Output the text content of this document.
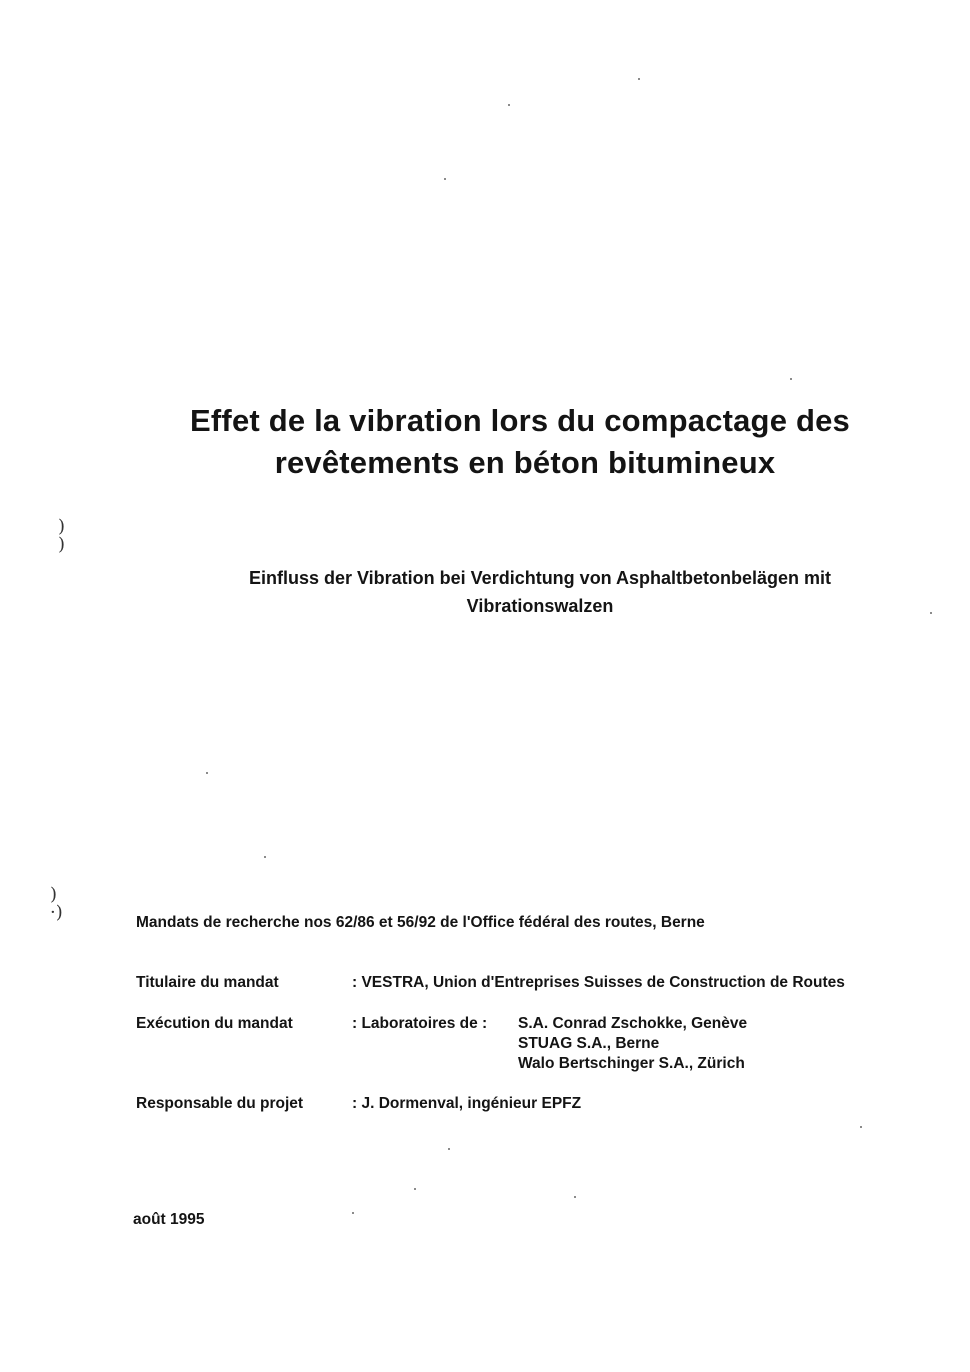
Effet de la vibration lors du compactage des
revêtements en béton bitumineux
Einfluss der Vibration bei Verdichtung von Asphaltbetonbelägen mit
Vibrationswalzen
Mandats de recherche nos 62/86 et 56/92 de l'Office fédéral des routes, Berne
Titulaire du mandat	: VESTRA, Union d'Entreprises Suisses de Construction de Routes
Exécution du mandat	: Laboratoires de : S.A. Conrad Zschokke, Genève
STUAG S.A., Berne
Walo Bertschinger S.A., Zürich
Responsable du projet	: J. Dormenval, ingénieur EPFZ
août 1995
)
)
)
·)
